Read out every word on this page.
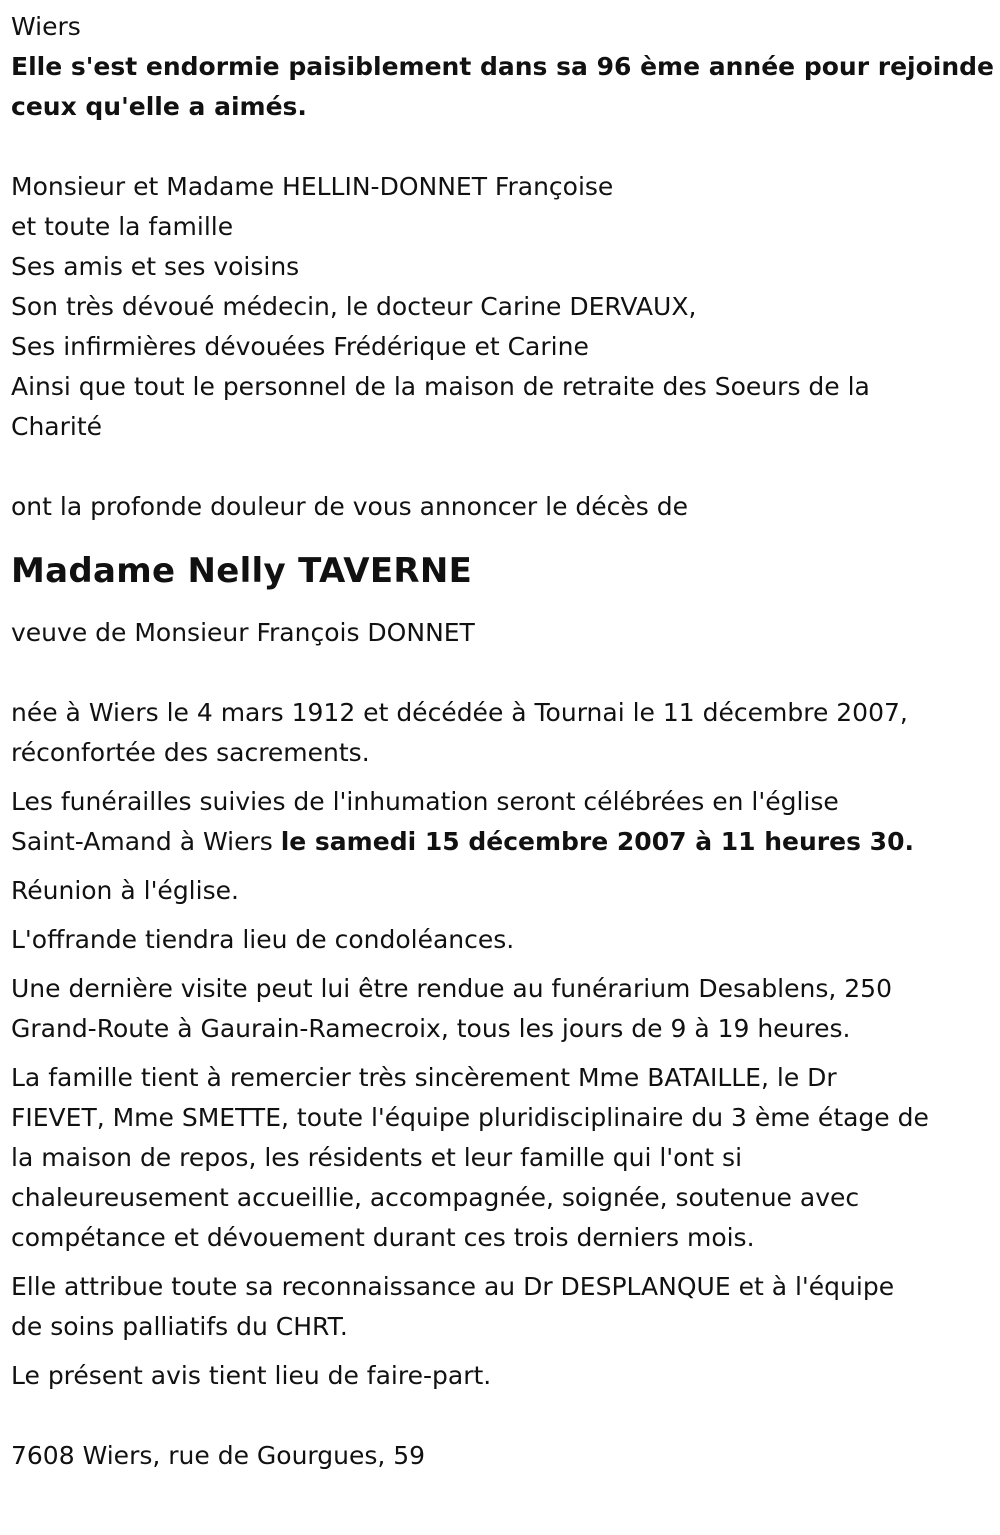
Wiers

Elle s'est endormie paisiblement dans sa 96 ème année pour rejoinde

ceux qu'elle a aimés.

Monsieur et Madame HELLIN-DONNET Françoise

et toute la famille

Ses amis et ses voisins

Son très dévoué médecin, le docteur Carine DERVAUX,

Ses infirmières dévouées Frédérique et Carine

Ainsi que tout le personnel de la maison de retraite des Soeurs de la

Charité

ont la profonde douleur de vous annoncer le décès de

Madame Nelly TAVERNE

veuve de Monsieur François DONNET

née à Wiers le 4 mars 1912 et décédée à Tournai le 11 décembre 2007,
réconfortée des sacrements.
Les funérailles suivies de l'inhumation seront célébrées en l'église
Saint-Amand à Wiers le samedi 15 décembre 2007 à 11 heures 30.
Réunion à l'église.
L'offrande tiendra lieu de condoléances.
Une dernière visite peut lui être rendue au funérarium Desablens, 250
Grand-Route à Gaurain-Ramecroix, tous les jours de 9 à 19 heures.
La famille tient à remercier très sincèrement Mme BATAILLE, le Dr
FIEVET, Mme SMETTE, toute l'équipe pluridisciplinaire du 3 ème étage de
la maison de repos, les résidents et leur famille qui l'ont si
chaleureusement accueillie, accompagnée, soignée, soutenue avec
compétance et dévouement durant ces trois derniers mois.
Elle attribue toute sa reconnaissance au Dr DESPLANQUE et à l'équipe
de soins palliatifs du CHRT.
Le présent avis tient lieu de faire-part.

7608 Wiers, rue de Gourgues, 59
